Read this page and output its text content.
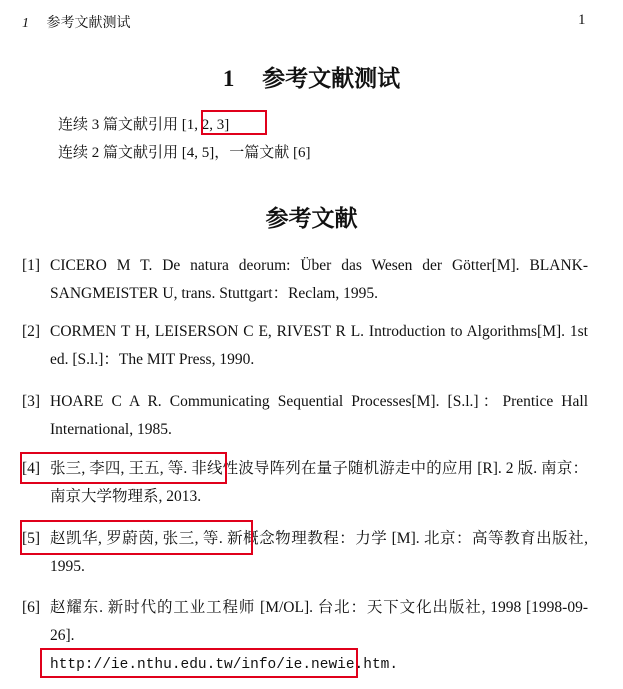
1 参考文献测试	1
1 参考文献测试
连续 3 篇文献引用 [1, 2, 3]
连续 2 篇文献引用 [4, 5]，一篇文献 [6]
参考文献
[1] CICERO M T. De natura deorum: Über das Wesen der Götter[M]. BLANK-SANGMEISTER U, trans. Stuttgart：Reclam, 1995.
[2] CORMEN T H, LEISERSON C E, RIVEST R L. Introduction to Algorithms[M]. 1st ed. [S.l.]：The MIT Press, 1990.
[3] HOARE C A R. Communicating Sequential Processes[M]. [S.l.]：Prentice Hall International, 1985.
[4] 张三, 李四, 王五, 等. 非线性波导阵列在量子随机游走中的应用 [R]. 2 版. 南京：南京大学物理系, 2013.
[5] 赵凯华, 罗蔚茵, 张三, 等. 新概念物理教程：力学 [M]. 北京：高等教育出版社, 1995.
[6] 赵耀东. 新时代的工业工程师 [M/OL]. 台北：天下文化出版社, 1998 [1998-09-26].
http://ie.nthu.edu.tw/info/ie.newie.htm.
